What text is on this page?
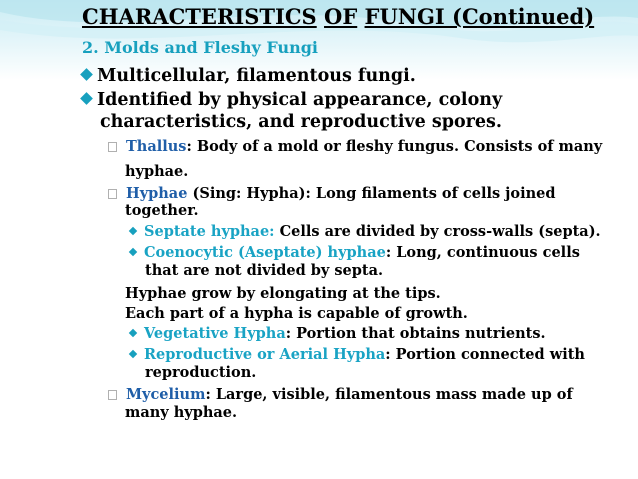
CHARACTERISTICS OF FUNGI (Continued)
2. Molds and Fleshy Fungi
Multicellular, filamentous fungi.
Identified by physical appearance, colony
characteristics, and reproductive spores.
Thallus: Body of a mold or fleshy fungus. Consists of many
hyphae.
Hyphae (Sing: Hypha): Long filaments of cells joined
together.
Septate hyphae: Cells are divided by cross-walls (septa).
Coenocytic (Aseptate) hyphae: Long, continuous cells
that are not divided by septa.
Hyphae grow by elongating at the tips.
Each part of a hypha is capable of growth.
Vegetative Hypha: Portion that obtains nutrients.
Reproductive or Aerial Hypha: Portion connected with
reproduction.
Mycelium: Large, visible, filamentous mass made up of
many hyphae.
